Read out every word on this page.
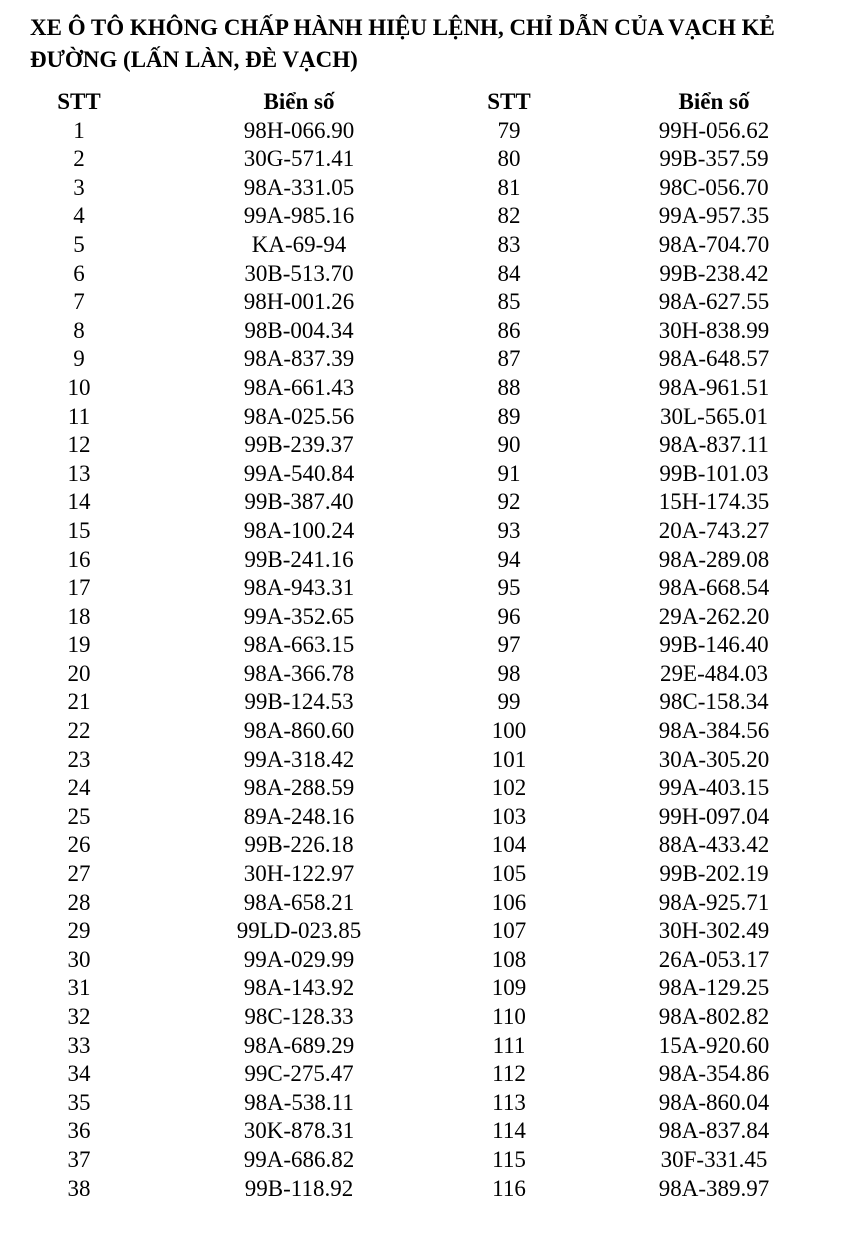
XE Ô TÔ KHÔNG CHẤP HÀNH HIỆU LỆNH, CHỈ DẪN CỦA VẠCH KẺ ĐƯỜNG (LẤN LÀN, ĐÈ VẠCH)
STT	Biển số	STT	Biển số
1	98H-066.90	79	99H-056.62
2	30G-571.41	80	99B-357.59
3	98A-331.05	81	98C-056.70
4	99A-985.16	82	99A-957.35
5	KA-69-94	83	98A-704.70
6	30B-513.70	84	99B-238.42
7	98H-001.26	85	98A-627.55
8	98B-004.34	86	30H-838.99
9	98A-837.39	87	98A-648.57
10	98A-661.43	88	98A-961.51
11	98A-025.56	89	30L-565.01
12	99B-239.37	90	98A-837.11
13	99A-540.84	91	99B-101.03
14	99B-387.40	92	15H-174.35
15	98A-100.24	93	20A-743.27
16	99B-241.16	94	98A-289.08
17	98A-943.31	95	98A-668.54
18	99A-352.65	96	29A-262.20
19	98A-663.15	97	99B-146.40
20	98A-366.78	98	29E-484.03
21	99B-124.53	99	98C-158.34
22	98A-860.60	100	98A-384.56
23	99A-318.42	101	30A-305.20
24	98A-288.59	102	99A-403.15
25	89A-248.16	103	99H-097.04
26	99B-226.18	104	88A-433.42
27	30H-122.97	105	99B-202.19
28	98A-658.21	106	98A-925.71
29	99LD-023.85	107	30H-302.49
30	99A-029.99	108	26A-053.17
31	98A-143.92	109	98A-129.25
32	98C-128.33	110	98A-802.82
33	98A-689.29	111	15A-920.60
34	99C-275.47	112	98A-354.86
35	98A-538.11	113	98A-860.04
36	30K-878.31	114	98A-837.84
37	99A-686.82	115	30F-331.45
38	99B-118.92	116	98A-389.97
